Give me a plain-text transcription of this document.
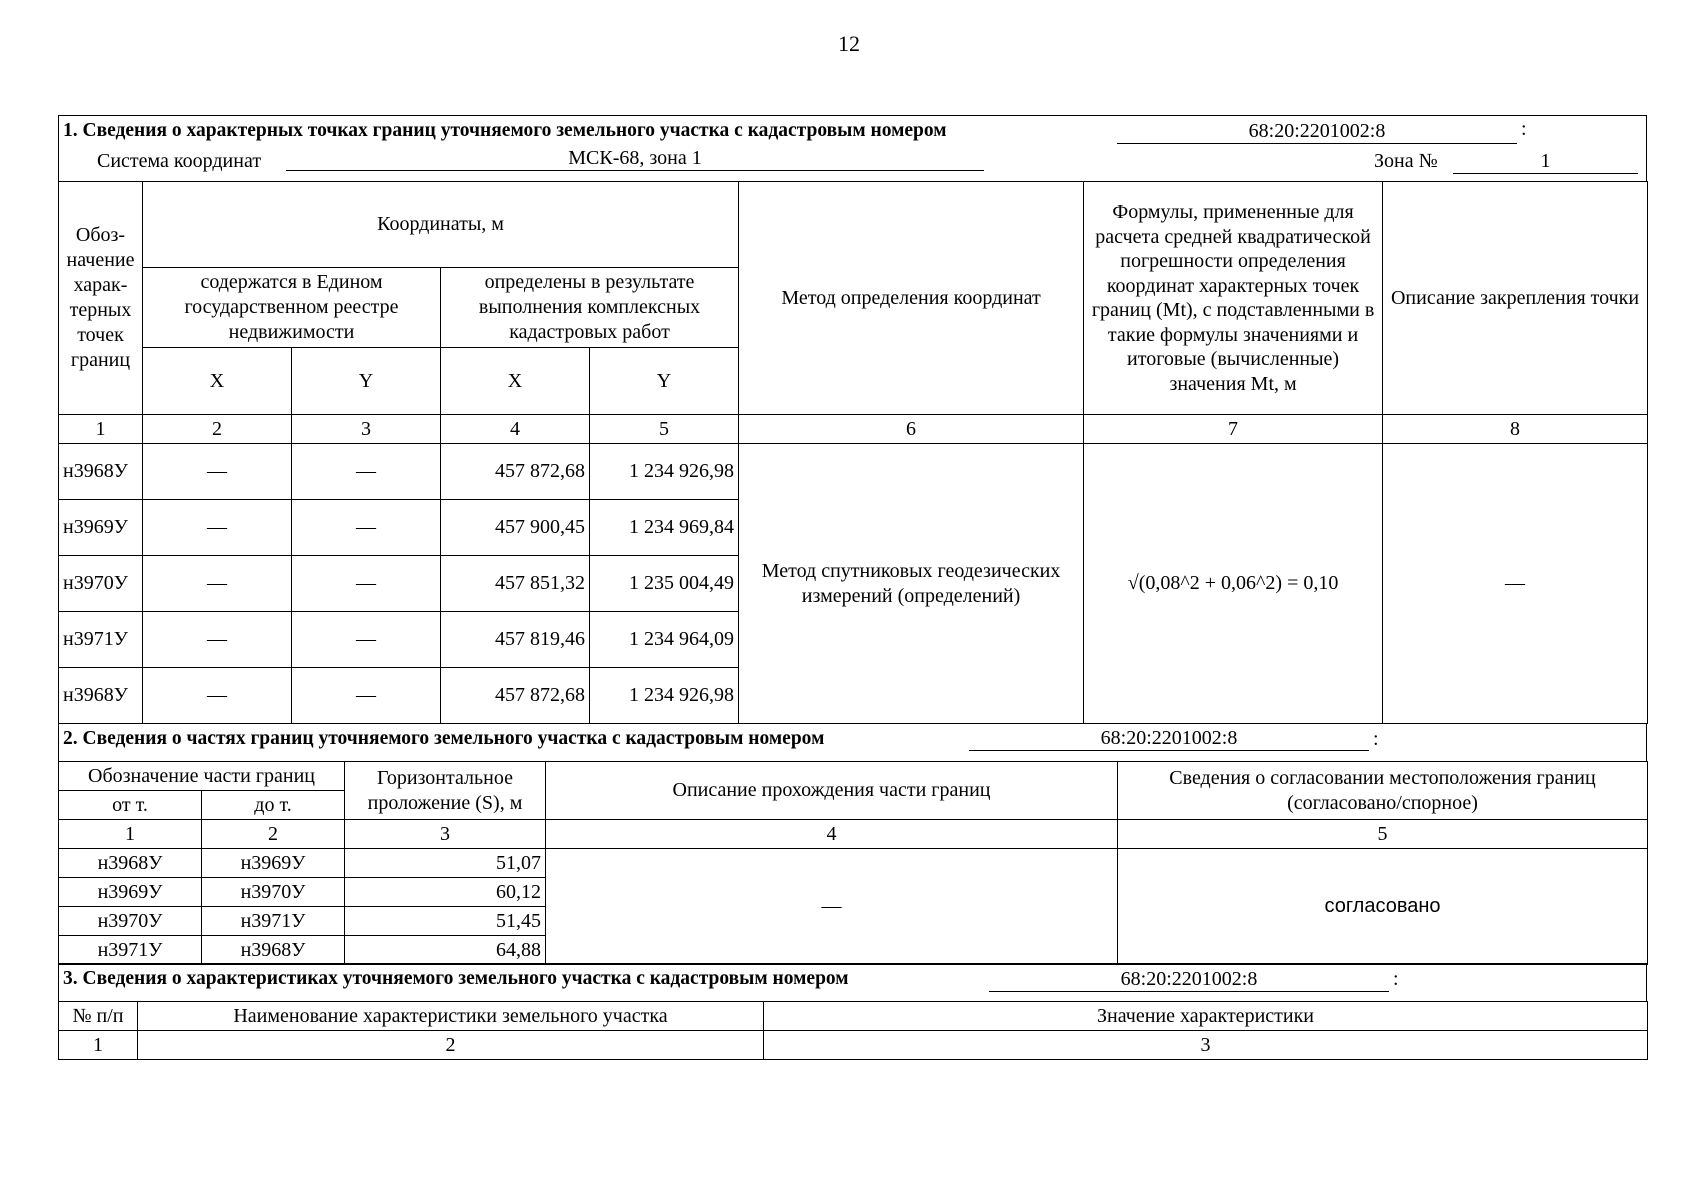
12
1. Сведения о характерных точках границ уточняемого земельного участка с кадастровым номером	68:20:2201002:8	:
Система координат	МСК-68, зона 1	Зона №	1
Обоз-начение харак-терных точек границ	Координаты, м				Метод определения координат	Формулы, примененные для расчета средней квадратической погрешности определения координат характерных точек границ (Mt), с подставленными в такие формулы значениями и итоговые (вычисленные) значения Mt, м	Описание закрепления точки
	содержатся в Едином государственном реестре недвижимости		определены в результате выполнения комплексных кадастровых работ				
	X	Y	X	Y			
1	2	3	4	5	6	7	8
н3968У	—	—	457 872,68	1 234 926,98	Метод спутниковых геодезических измерений (определений)	√(0,08^2 + 0,06^2) = 0,10	—
н3969У	—	—	457 900,45	1 234 969,84			
н3970У	—	—	457 851,32	1 235 004,49			
н3971У	—	—	457 819,46	1 234 964,09			
н3968У	—	—	457 872,68	1 234 926,98			
2. Сведения о частях границ уточняемого земельного участка с кадастровым номером	68:20:2201002:8	:
Обозначение части границ		Горизонтальное проложение (S), м	Описание прохождения части границ	Сведения о согласовании местоположения границ (согласовано/спорное)
от т.	до т.			
1	2	3	4	5
н3968У	н3969У	51,07	—	согласовано
н3969У	н3970У	60,12		
н3970У	н3971У	51,45		
н3971У	н3968У	64,88		
3. Сведения о характеристиках уточняемого земельного участка с кадастровым номером	68:20:2201002:8	:
№ п/п	Наименование характеристики земельного участка	Значение характеристики
1	2	3
